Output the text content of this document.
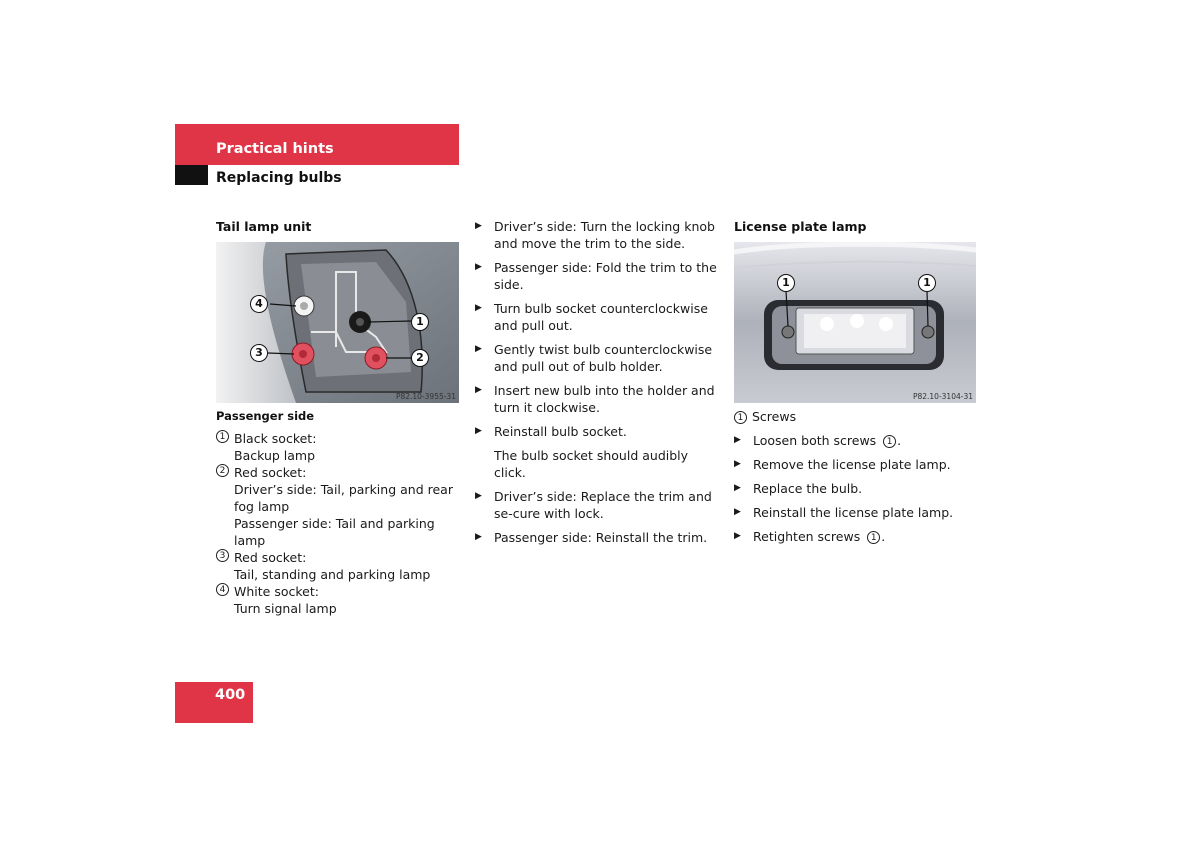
Practical hints
Replacing bulbs
Tail lamp unit
1
2
3
4
P82.10-3955-31
Passenger side
1 Black socket:
Backup lamp
2 Red socket:
Driver’s side: Tail, parking and rear fog lamp
Passenger side: Tail and parking lamp
3 Red socket:
Tail, standing and parking lamp
4 White socket:
Turn signal lamp
▶
Driver’s side: Turn the locking knob and move the trim to the side.
▶
Passenger side: Fold the trim to the side.
▶
Turn bulb socket counterclockwise and pull out.
▶
Gently twist bulb counterclockwise and pull out of bulb holder.
▶
Insert new bulb into the holder and turn it clockwise.
▶
Reinstall bulb socket.
The bulb socket should audibly click.
▶
Driver’s side: Replace the trim and se-cure with lock.
▶
Passenger side: Reinstall the trim.
License plate lamp
1	1
P82.10-3104-31
1 Screws
▶
Loosen both screws 1 .
▶
Remove the license plate lamp.
▶
Replace the bulb.
▶
Reinstall the license plate lamp.
▶
Retighten screws 1 .
400
